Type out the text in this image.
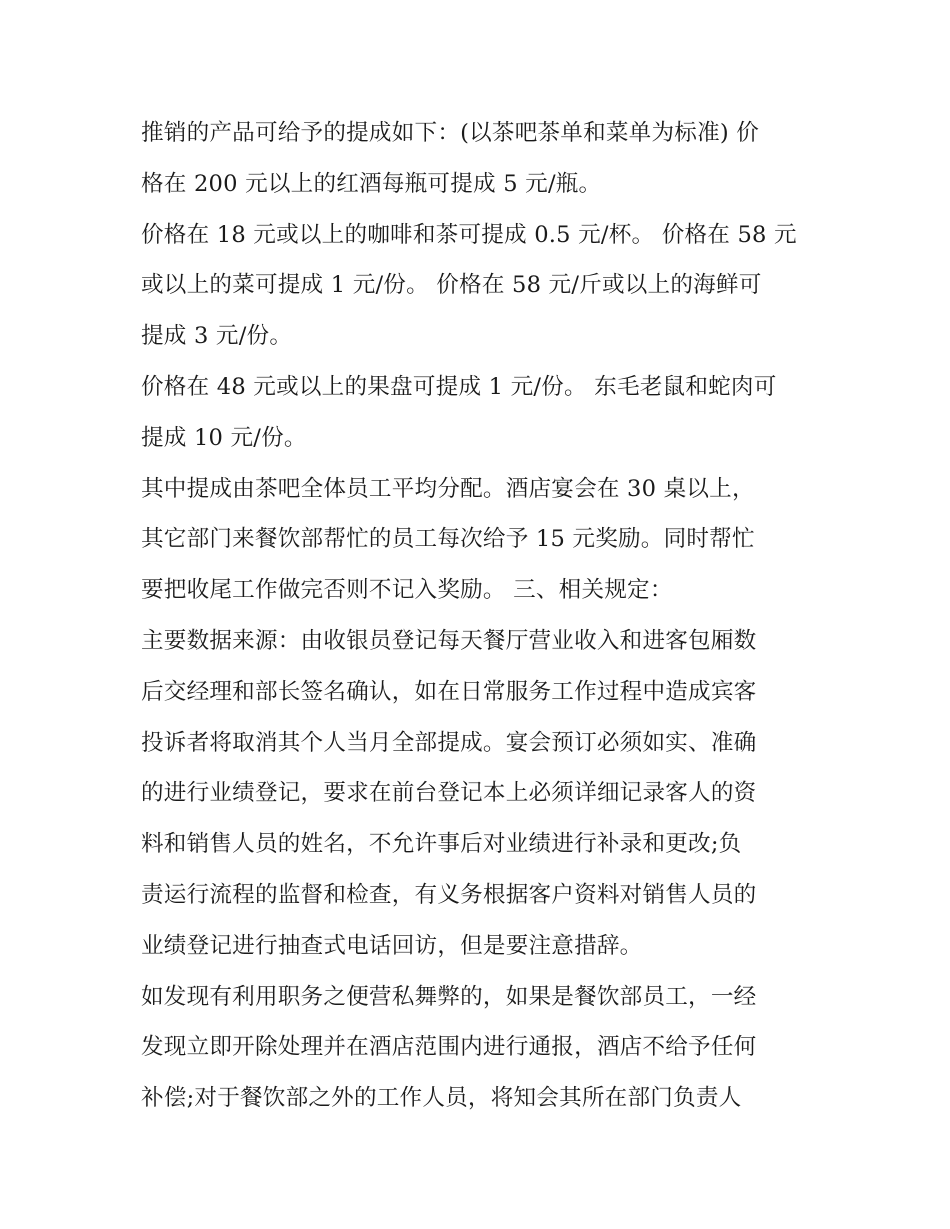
推销的产品可给予的提成如下：(以茶吧茶单和菜单为标准) 价
格在 200 元以上的红酒每瓶可提成 5 元/瓶。
价格在 18 元或以上的咖啡和茶可提成 0.5 元/杯。 价格在 58 元
或以上的菜可提成 1 元/份。 价格在 58 元/斤或以上的海鲜可
提成 3 元/份。
价格在 48 元或以上的果盘可提成 1 元/份。 东毛老鼠和蛇肉可
提成 10 元/份。
其中提成由茶吧全体员工平均分配。酒店宴会在 30 桌以上，
其它部门来餐饮部帮忙的员工每次给予 15 元奖励。同时帮忙
要把收尾工作做完否则不记入奖励。 三、相关规定：
主要数据来源：由收银员登记每天餐厅营业收入和进客包厢数
后交经理和部长签名确认，如在日常服务工作过程中造成宾客
投诉者将取消其个人当月全部提成。宴会预订必须如实、准确
的进行业绩登记，要求在前台登记本上必须详细记录客人的资
料和销售人员的姓名，不允许事后对业绩进行补录和更改;负
责运行流程的监督和检查，有义务根据客户资料对销售人员的
业绩登记进行抽查式电话回访，但是要注意措辞。
如发现有利用职务之便营私舞弊的，如果是餐饮部员工，一经
发现立即开除处理并在酒店范围内进行通报，酒店不给予任何
补偿;对于餐饮部之外的工作人员，将知会其所在部门负责人
